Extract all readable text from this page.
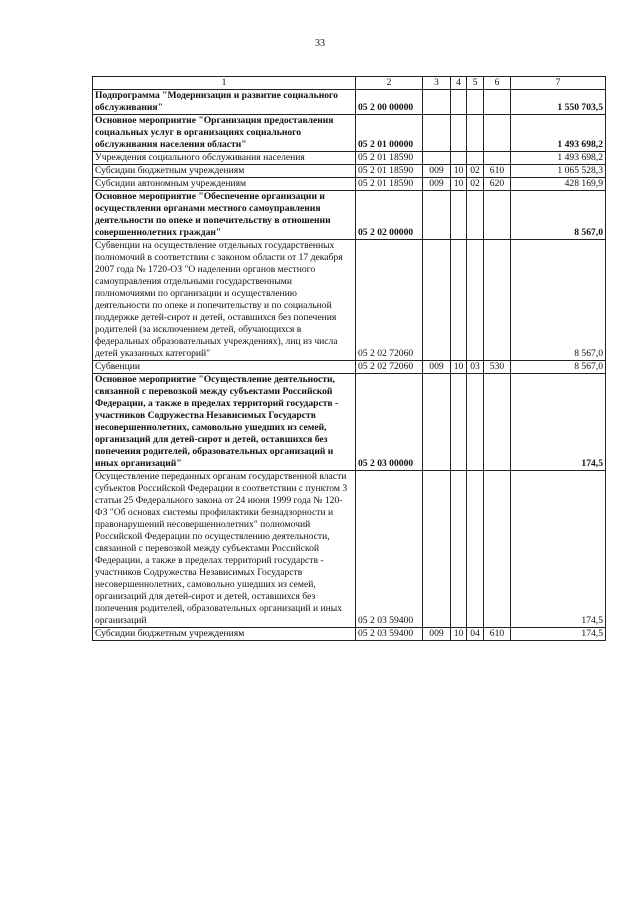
33
1	2	3	4	5	6	7
Подпрограмма "Модернизация и развитие социального обслуживания"	05 2 00 00000					1 550 703,5
Основное мероприятие "Организация предоставления социальных услуг в организациях социального обслуживания населения области"	05 2 01 00000					1 493 698,2
Учреждения социального обслуживания населения	05 2 01 18590					1 493 698,2
Субсидии бюджетным учреждениям	05 2 01 18590	009	10	02	610	1 065 528,3
Субсидии автономным учреждениям	05 2 01 18590	009	10	02	620	428 169,9
Основное мероприятие "Обеспечение организации и осуществления органами местного самоуправления деятельности по опеке и попечительству в отношении совершеннолетних граждан"	05 2 02 00000					8 567,0
Субвенции на осуществление отдельных государственных полномочий в соответствии с законом области от 17 декабря 2007 года № 1720-ОЗ "О наделении органов местного самоуправления отдельными государственными полномочиями по организации и осуществлению деятельности по опеке и попечительству и по социальной поддержке детей-сирот и детей, оставшихся без попечения родителей (за исключением детей, обучающихся в федеральных образовательных учреждениях), лиц из числа детей указанных категорий"	05 2 02 72060					8 567,0
Субвенции	05 2 02 72060	009	10	03	530	8 567,0
Основное мероприятие "Осуществление деятельности, связанной с перевозкой между субъектами Российской Федерации, а также в пределах территорий государств - участников Содружества Независимых Государств несовершеннолетних, самовольно ушедших из семей, организаций для детей-сирот и детей, оставшихся без попечения родителей, образовательных организаций и иных организаций"	05 2 03 00000					174,5
Осуществление переданных органам государственной власти субъектов Российской Федерации в соответствии с пунктом 3 статьи 25 Федерального закона от 24 июня 1999 года № 120-ФЗ "Об основах системы профилактики безнадзорности и правонарушений несовершеннолетних" полномочий Российской Федерации по осуществлению деятельности, связанной с перевозкой между субъектами Российской Федерации, а также в пределах территорий государств - участников Содружества Независимых Государств несовершеннолетних, самовольно ушедших из семей, организаций для детей-сирот и детей, оставшихся без попечения родителей, образовательных организаций и иных организаций	05 2 03 59400					174,5
Субсидии бюджетным учреждениям	05 2 03 59400	009	10	04	610	174,5
